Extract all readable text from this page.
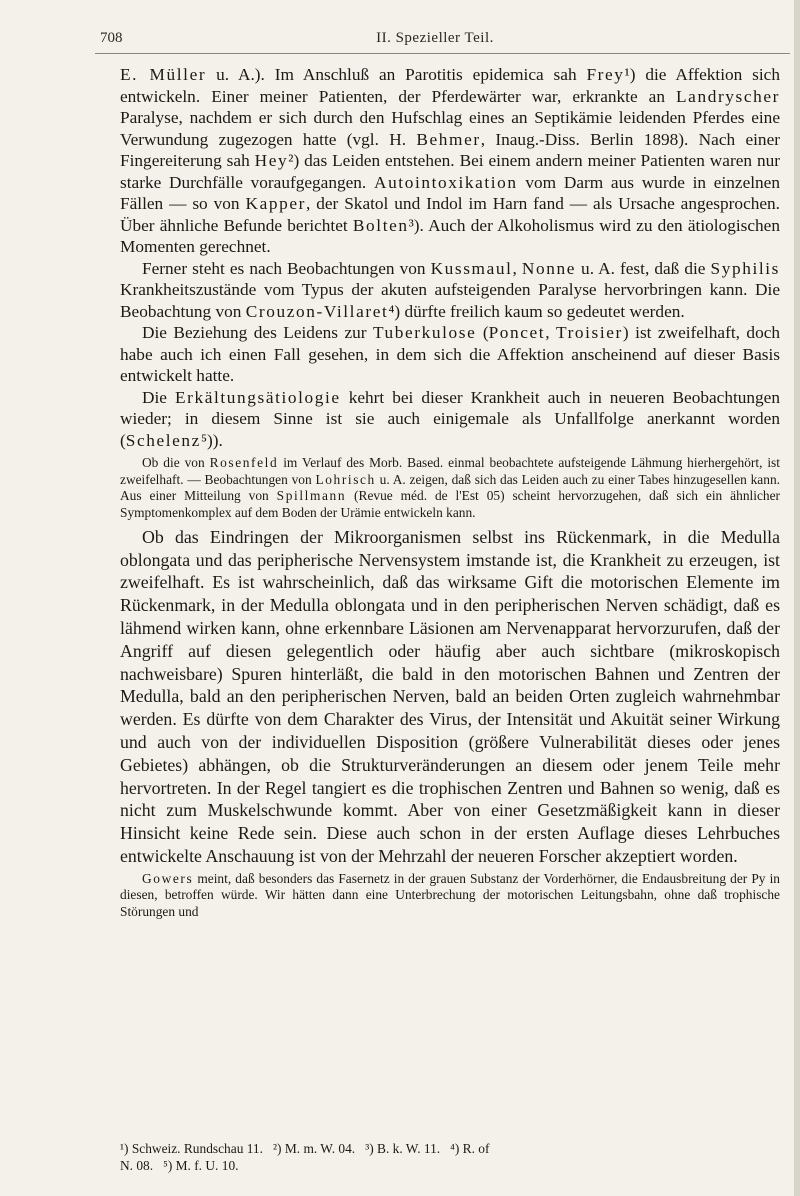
708	II. Spezieller Teil.

E. Müller u. A.). Im Anschluß an Parotitis epidemica sah Frey¹) die Affektion sich entwickeln. Einer meiner Patienten, der Pferdewärter war, erkrankte an Landryscher Paralyse, nachdem er sich durch den Hufschlag eines an Septikämie leidenden Pferdes eine Verwundung zugezogen hatte (vgl. H. Behmer, Inaug.-Diss. Berlin 1898). Nach einer Fingereiterung sah Hey²) das Leiden entstehen. Bei einem andern meiner Patienten waren nur starke Durchfälle voraufgegangen. Autointoxikation vom Darm aus wurde in einzelnen Fällen — so von Kapper, der Skatol und Indol im Harn fand — als Ursache angesprochen. Über ähnliche Befunde berichtet Bolten³). Auch der Alkoholismus wird zu den ätiologischen Momenten gerechnet.

Ferner steht es nach Beobachtungen von Kussmaul, Nonne u. A. fest, daß die Syphilis Krankheitszustände vom Typus der akuten aufsteigenden Paralyse hervorbringen kann. Die Beobachtung von Crouzon-Villaret⁴) dürfte freilich kaum so gedeutet werden.

Die Beziehung des Leidens zur Tuberkulose (Poncet, Troisier) ist zweifelhaft, doch habe auch ich einen Fall gesehen, in dem sich die Affektion anscheinend auf dieser Basis entwickelt hatte.

Die Erkältungsätiologie kehrt bei dieser Krankheit auch in neueren Beobachtungen wieder; in diesem Sinne ist sie auch einigemale als Unfallfolge anerkannt worden (Schelenz⁵)).

Ob die von Rosenfeld im Verlauf des Morb. Based. einmal beobachtete aufsteigende Lähmung hierhergehört, ist zweifelhaft. — Beobachtungen von Lohrisch u. A. zeigen, daß sich das Leiden auch zu einer Tabes hinzugesellen kann. Aus einer Mitteilung von Spillmann (Revue méd. de l'Est 05) scheint hervorzugehen, daß sich ein ähnlicher Symptomenkomplex auf dem Boden der Urämie entwickeln kann.

Ob das Eindringen der Mikroorganismen selbst ins Rückenmark, in die Medulla oblongata und das peripherische Nervensystem imstande ist, die Krankheit zu erzeugen, ist zweifelhaft. Es ist wahrscheinlich, daß das wirksame Gift die motorischen Elemente im Rückenmark, in der Medulla oblongata und in den peripherischen Nerven schädigt, daß es lähmend wirken kann, ohne erkennbare Läsionen am Nervenapparat hervorzurufen, daß der Angriff auf diesen gelegentlich oder häufig aber auch sichtbare (mikroskopisch nachweisbare) Spuren hinterläßt, die bald in den motorischen Bahnen und Zentren der Medulla, bald an den peripherischen Nerven, bald an beiden Orten zugleich wahrnehmbar werden. Es dürfte von dem Charakter des Virus, der Intensität und Akuität seiner Wirkung und auch von der individuellen Disposition (größere Vulnerabilität dieses oder jenes Gebietes) abhängen, ob die Strukturveränderungen an diesem oder jenem Teile mehr hervortreten. In der Regel tangiert es die trophischen Zentren und Bahnen so wenig, daß es nicht zum Muskelschwunde kommt. Aber von einer Gesetzmäßigkeit kann in dieser Hinsicht keine Rede sein. Diese auch schon in der ersten Auflage dieses Lehrbuches entwickelte Anschauung ist von der Mehrzahl der neueren Forscher akzeptiert worden.

Gowers meint, daß besonders das Fasernetz in der grauen Substanz der Vorderhörner, die Endausbreitung der Py in diesen, betroffen würde. Wir hätten dann eine Unterbrechung der motorischen Leitungsbahn, ohne daß trophische Störungen und

¹) Schweiz. Rundschau 11.   ²) M. m. W. 04.   ³) B. k. W. 11.   ⁴) R. of
N. 08.   ⁵) M. f. U. 10.
